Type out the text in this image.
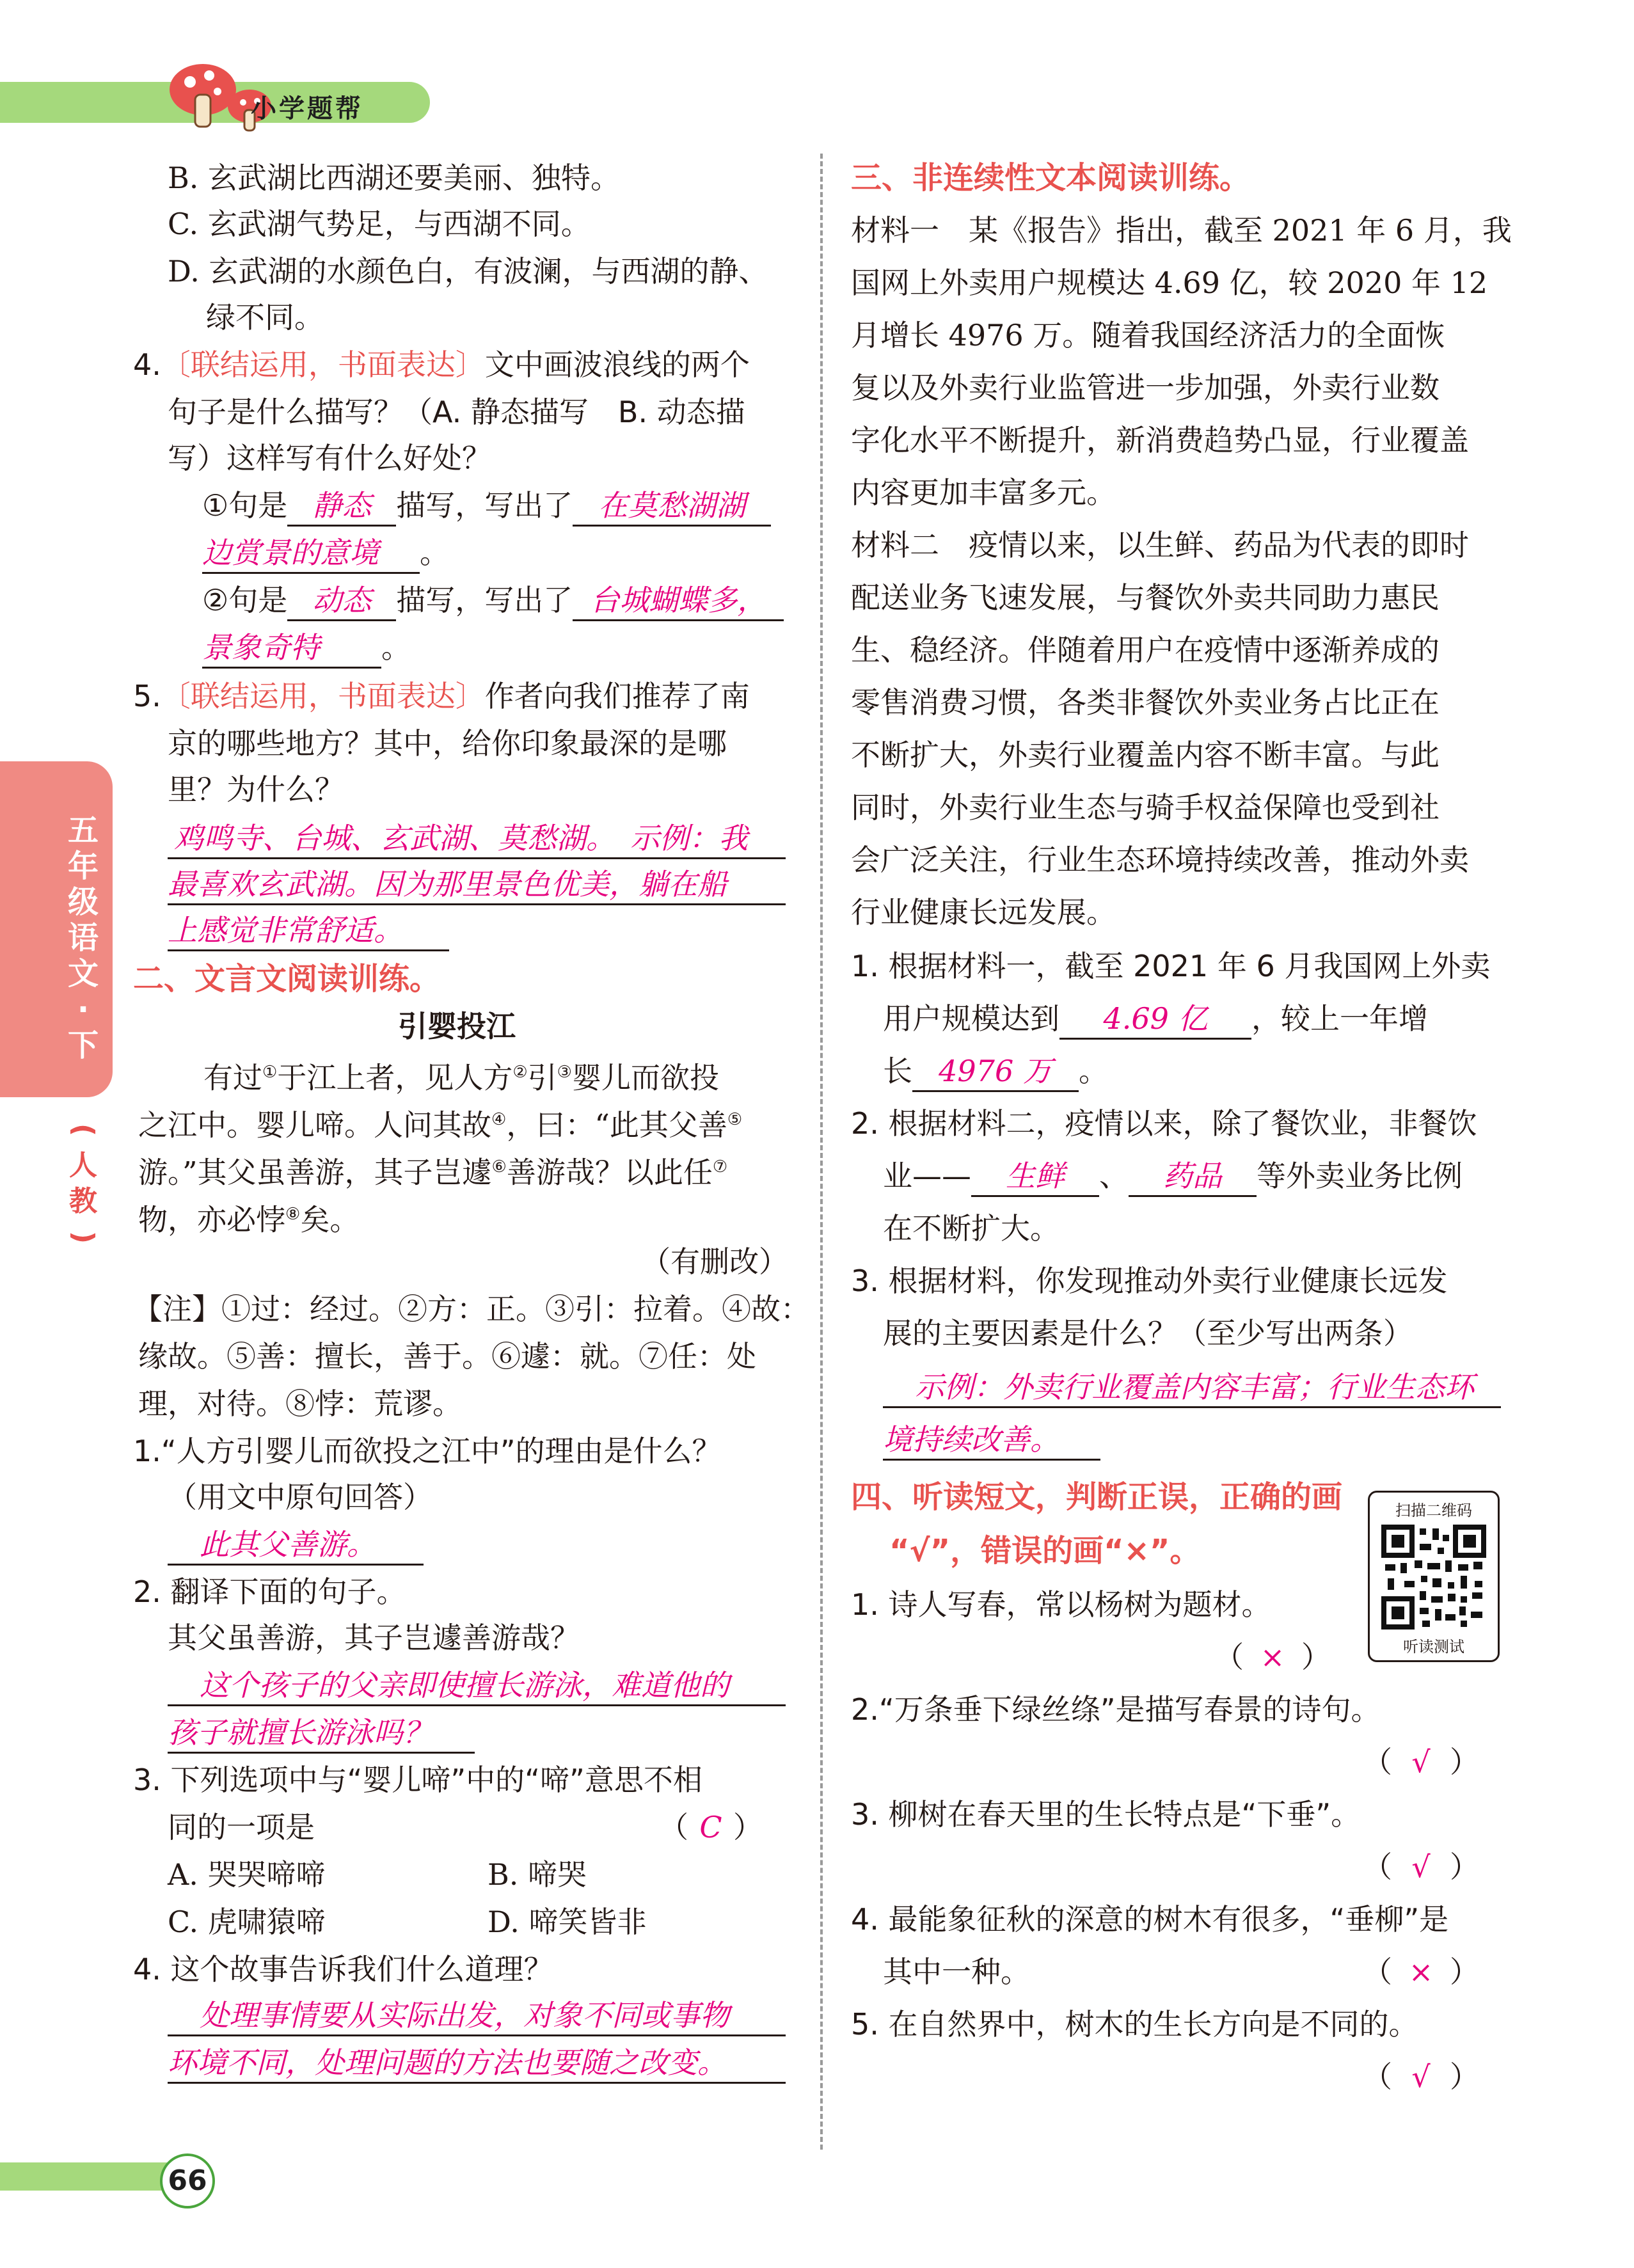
小学题帮
五年级语文·下
(
人教
)
B. 玄武湖比西湖还要美丽、独特。
C. 玄武湖气势足，与西湖不同。
D. 玄武湖的水颜色白，有波澜，与西湖的静、
绿不同。
4.〔联结运用，书面表达〕文中画波浪线的两个
句子是什么描写？（A. 静态描写　B. 动态描
写）这样写有什么好处？
①句是 静态 描写，写出了 在莫愁湖湖
边赏景的意境 。
②句是 动态 描写，写出了 台城蝴蝶多，
景象奇特 。
5.〔联结运用，书面表达〕作者向我们推荐了南
京的哪些地方？其中，给你印象最深的是哪
里？为什么？
鸡鸣寺、台城、玄武湖、莫愁湖。　示例：我
最喜欢玄武湖。因为那里景色优美，躺在船
上感觉非常舒适。
二、文言文阅读训练。
引婴投江
有过①于江上者，见人方②引③婴儿而欲投
之江中。婴儿啼。人问其故④，曰：“此其父善⑤
游。”其父虽善游，其子岂遽⑥善游哉？以此任⑦
物，亦必悖⑧矣。
（有删改）
【注】①过：经过。②方：正。③引：拉着。④故：
缘故。⑤善：擅长，善于。⑥遽：就。⑦任：处
理，对待。⑧悖：荒谬。
1.“人方引婴儿而欲投之江中”的理由是什么？
（用文中原句回答）
此其父善游。
2. 翻译下面的句子。
其父虽善游，其子岂遽善游哉？
这个孩子的父亲即使擅长游泳，难道他的
孩子就擅长游泳吗？
3. 下列选项中与“婴儿啼”中的“啼”意思不相
同的一项是	（ C ）
A. 哭哭啼啼	B. 啼哭
C. 虎啸猿啼	D. 啼笑皆非
4. 这个故事告诉我们什么道理？
处理事情要从实际出发，对象不同或事物
环境不同，处理问题的方法也要随之改变。
三、非连续性文本阅读训练。
材料一　某《报告》指出，截至 2021 年 6 月，我
国网上外卖用户规模达 4.69 亿，较 2020 年 12
月增长 4976 万。随着我国经济活力的全面恢
复以及外卖行业监管进一步加强，外卖行业数
字化水平不断提升，新消费趋势凸显，行业覆盖
内容更加丰富多元。
材料二　疫情以来，以生鲜、药品为代表的即时
配送业务飞速发展，与餐饮外卖共同助力惠民
生、稳经济。伴随着用户在疫情中逐渐养成的
零售消费习惯，各类非餐饮外卖业务占比正在
不断扩大，外卖行业覆盖内容不断丰富。与此
同时，外卖行业生态与骑手权益保障也受到社
会广泛关注，行业生态环境持续改善，推动外卖
行业健康长远发展。
1. 根据材料一，截至 2021 年 6 月我国网上外卖
用户规模达到 4.69 亿 ，较上一年增
长 4976 万 。
2. 根据材料二，疫情以来，除了餐饮业，非餐饮
业—— 生鲜 、 药品 等外卖业务比例
在不断扩大。
3. 根据材料，你发现推动外卖行业健康长远发
展的主要因素是什么？（至少写出两条）
示例：外卖行业覆盖内容丰富；行业生态环
境持续改善。
四、听读短文，判断正误，正确的画
“√”，错误的画“×”。
扫描二维码
听读测试
1. 诗人写春，常以杨树为题材。
（ × ）
2.“万条垂下绿丝绦”是描写春景的诗句。
（ √ ）
3. 柳树在春天里的生长特点是“下垂”。
（ √ ）
4. 最能象征秋的深意的树木有很多，“垂柳”是
其中一种。	（ × ）
5. 在自然界中，树木的生长方向是不同的。
（ √ ）
66
